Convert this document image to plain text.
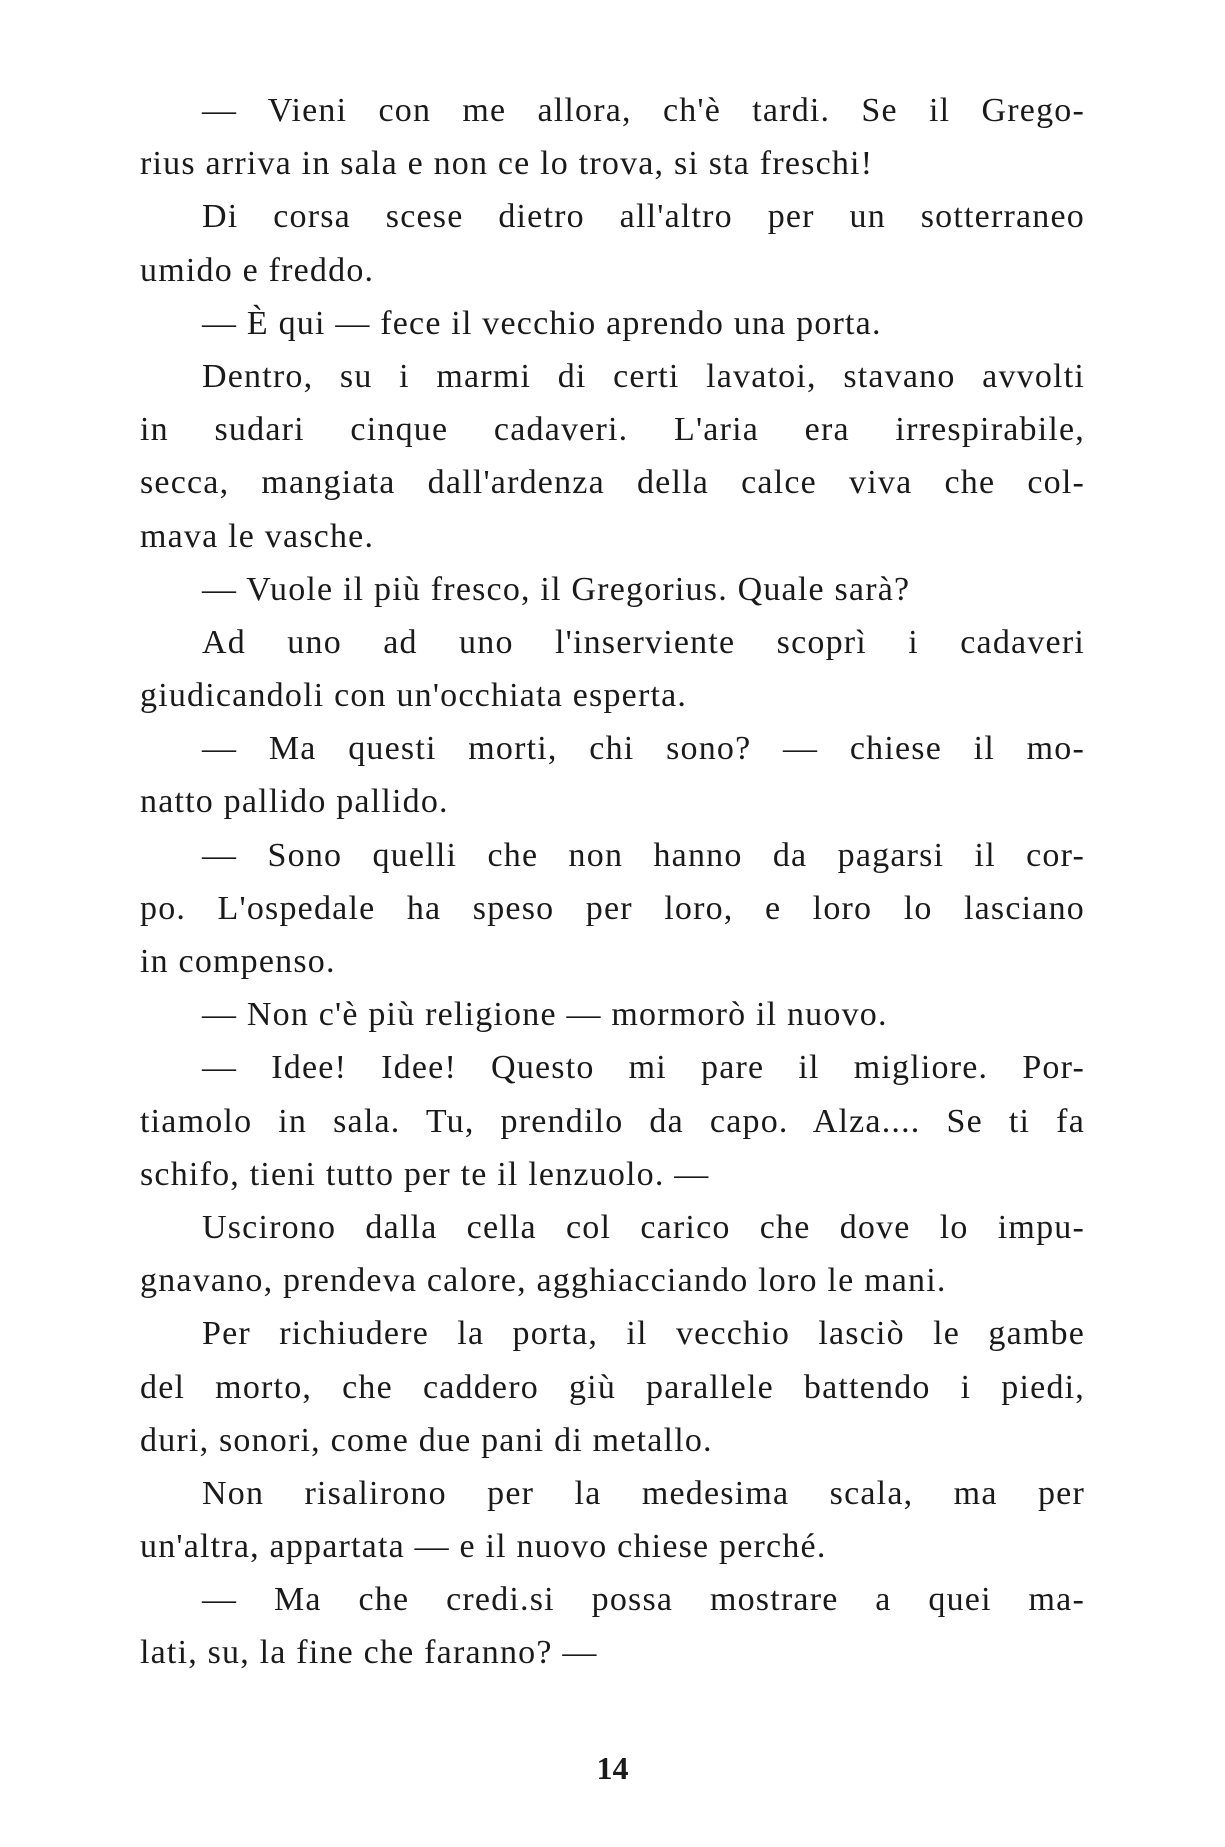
— Vieni con me allora, ch'è tardi. Se il Grego-
rius arriva in sala e non ce lo trova, si sta freschi!
Di corsa scese dietro all'altro per un sotterraneo
umido e freddo.
— È qui — fece il vecchio aprendo una porta.
Dentro, su i marmi di certi lavatoi, stavano avvolti
in sudari cinque cadaveri. L'aria era irrespirabile,
secca, mangiata dall'ardenza della calce viva che col-
mava le vasche.
— Vuole il più fresco, il Gregorius. Quale sarà?
Ad uno ad uno l'inserviente scoprì i cadaveri
giudicandoli con un'occhiata esperta.
— Ma questi morti, chi sono? — chiese il mo-
natto pallido pallido.
— Sono quelli che non hanno da pagarsi il cor-
po. L'ospedale ha speso per loro, e loro lo lasciano
in compenso.
— Non c'è più religione — mormorò il nuovo.
— Idee! Idee! Questo mi pare il migliore. Por-
tiamolo in sala. Tu, prendilo da capo. Alza.... Se ti fa
schifo, tieni tutto per te il lenzuolo. —
Uscirono dalla cella col carico che dove lo impu-
gnavano, prendeva calore, agghiacciando loro le mani.
Per richiudere la porta, il vecchio lasciò le gambe
del morto, che caddero giù parallele battendo i piedi,
duri, sonori, come due pani di metallo.
Non risalirono per la medesima scala, ma per
un'altra, appartata — e il nuovo chiese perché.
— Ma che credi.si possa mostrare a quei ma-
lati, su, la fine che faranno? —
14
